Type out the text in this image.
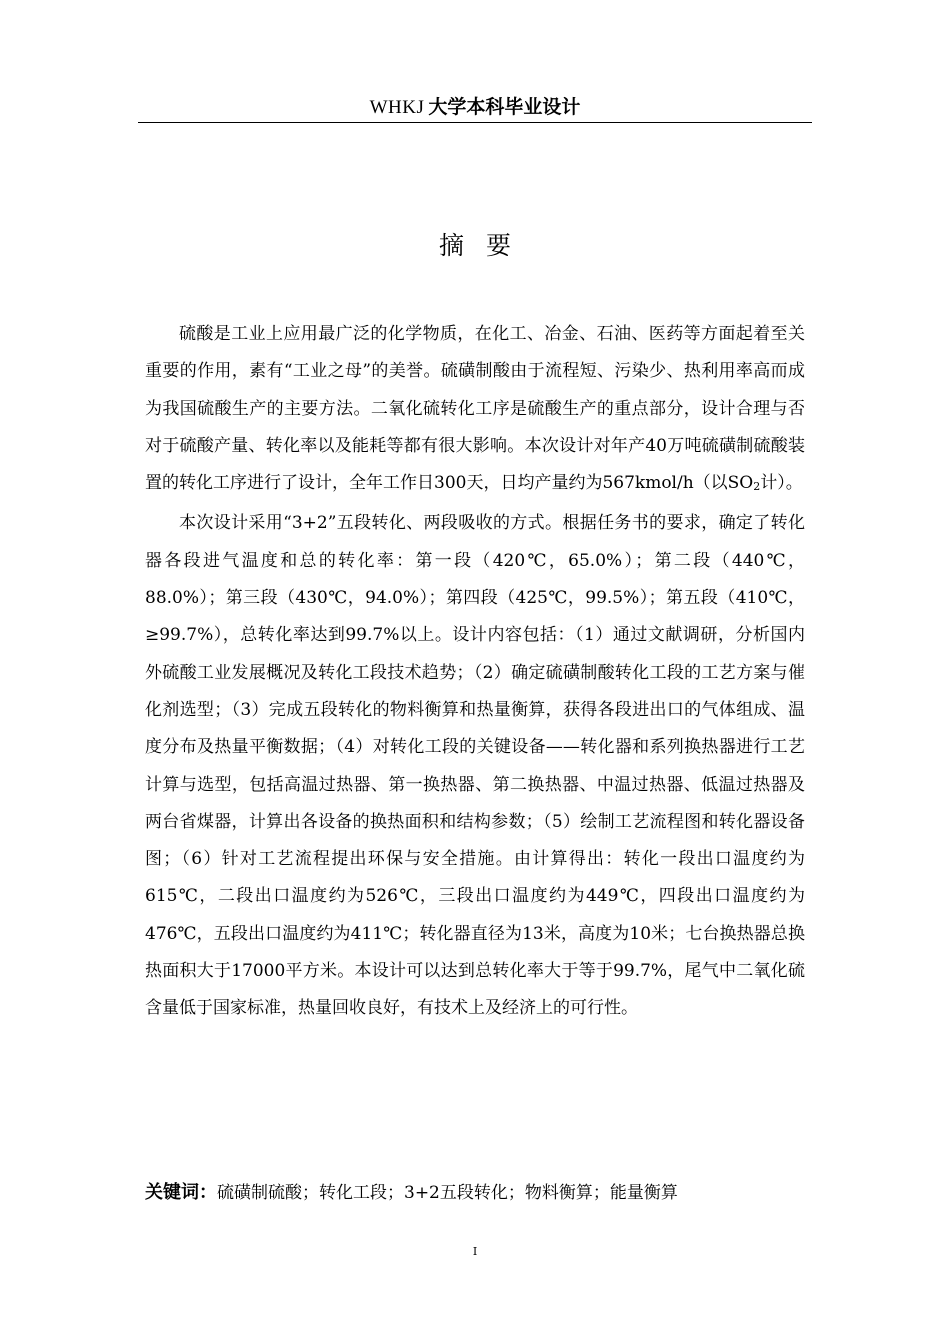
WHKJ 大学本科毕业设计
摘要

硫酸是工业上应用最广泛的化学物质，在化工、冶金、石油、医药等方面起着至关重要的作用，素有“工业之母”的美誉。硫磺制酸由于流程短、污染少、热利用率高而成为我国硫酸生产的主要方法。二氧化硫转化工序是硫酸生产的重点部分，设计合理与否对于硫酸产量、转化率以及能耗等都有很大影响。本次设计对年产40万吨硫磺制硫酸装置的转化工序进行了设计，全年工作日300天，日均产量约为567kmol/h（以$SO_2$计）。

本次设计采用“3+2”五段转化、两段吸收的方式。根据任务书的要求，确定了转化器各段进气温度和总的转化率：第一段（420℃，65.0%）；第二段（440℃，88.0%）；第三段（430℃，94.0%）；第四段（425℃，99.5%）；第五段（410℃，≥99.7%），总转化率达到99.7%以上。设计内容包括：（1）通过文献调研，分析国内外硫酸工业发展概况及转化工段技术趋势；（2）确定硫磺制酸转化工段的工艺方案与催化剂选型；（3）完成五段转化的物料衡算和热量衡算，获得各段进出口的气体组成、温度分布及热量平衡数据；（4）对转化工段的关键设备——转化器和系列换热器进行工艺计算与选型，包括高温过热器、第一换热器、第二换热器、中温过热器、低温过热器及两台省煤器，计算出各设备的换热面积和结构参数；（5）绘制工艺流程图和转化器设备图；（6）针对工艺流程提出环保与安全措施。由计算得出：转化一段出口温度约为615℃，二段出口温度约为526℃，三段出口温度约为449℃，四段出口温度约为476℃，五段出口温度约为411℃；转化器直径为13米，高度为10米；七台换热器总换热面积大于17000平方米。本设计可以达到总转化率大于等于99.7%，尾气中二氧化硫含量低于国家标准，热量回收良好，有技术上及经济上的可行性。

关键词：硫磺制硫酸；转化工段；3+2五段转化；物料衡算；能量衡算
I
